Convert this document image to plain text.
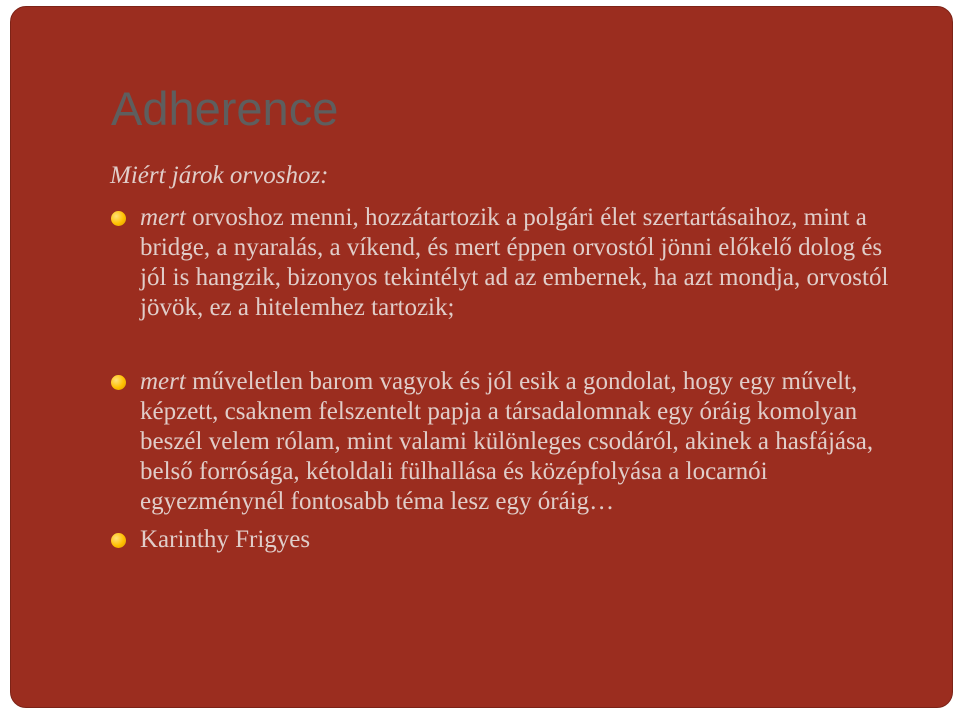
Adherence

Miért járok orvoshoz:

mert orvoshoz menni, hozzátartozik a polgári élet szertartásaihoz, mint a bridge, a nyaralás, a víkend, és mert éppen orvostól jönni előkelő dolog és jól is hangzik, bizonyos tekintélyt ad az embernek, ha azt mondja, orvostól jövök, ez a hitelemhez tartozik;
mert műveletlen barom vagyok és jól esik a gondolat, hogy egy művelt, képzett, csaknem felszentelt papja a társadalomnak egy óráig komolyan beszél velem rólam, mint valami különleges csodáról, akinek a hasfájása, belső forrósága, kétoldali fülhallása és középfolyása a locarnói egyezménynél fontosabb téma lesz egy óráig…
Karinthy Frigyes
